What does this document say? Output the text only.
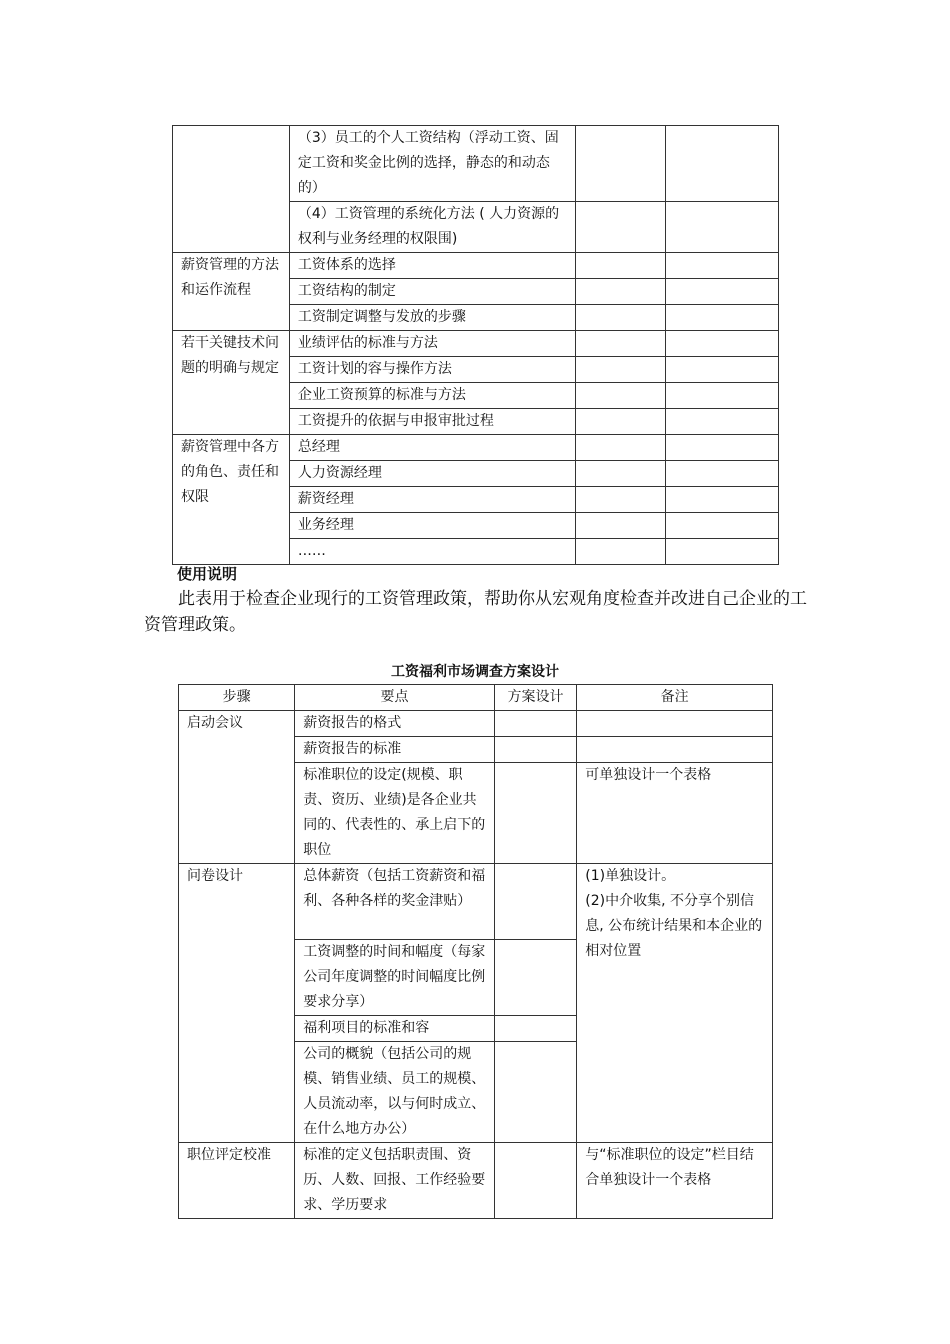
	（3）员工的个人工资结构（浮动工资、固定工资和奖金比例的选择，静态的和动态的）		
	（4）工资管理的系统化方法 ( 人力资源的权利与业务经理的权限围)		
薪资管理的方法和运作流程	工资体系的选择		
	工资结构的制定		
	工资制定调整与发放的步骤		
若干关键技术问题的明确与规定	业绩评估的标准与方法		
	工资计划的容与操作方法		
	企业工资预算的标准与方法		
	工资提升的依据与申报审批过程		
薪资管理中各方的角色、责任和权限	总经理		
	人力资源经理		
	薪资经理		
	业务经理		
	……		
使用说明
此表用于检查企业现行的工资管理政策，帮助你从宏观角度检查并改进自己企业的工资管理政策。
工资福利市场调查方案设计
步骤	要点	方案设计	备注
启动会议	薪资报告的格式		
	薪资报告的标准		
	标准职位的设定(规模、职责、资历、业绩)是各企业共同的、代表性的、承上启下的职位		可单独设计一个表格
问卷设计	总体薪资（包括工资薪资和福利、各种各样的奖金津贴）		(1)单独设计。
(2)中介收集, 不分享个别信息, 公布统计结果和本企业的相对位置

	工资调整的时间和幅度（每家公司年度调整的时间幅度比例要求分享）		
	福利项目的标准和容		
	公司的概貌（包括公司的规模、销售业绩、员工的规模、人员流动率，以与何时成立、在什么地方办公）		
职位评定校准	标准的定义包括职责围、资历、人数、回报、工作经验要求、学历要求		与“标准职位的设定”栏目结合单独设计一个表格
